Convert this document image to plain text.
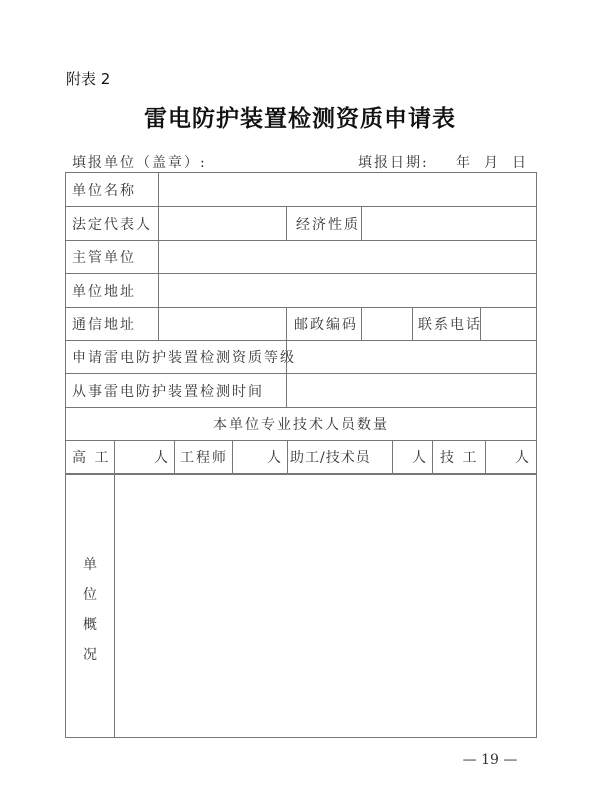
附表 2
雷电防护装置检测资质申请表
填报单位（盖章）:	填报日期: 年 月 日
单位名称
法定代表人	经济性质
主管单位
单位地址
通信地址	邮政编码	联系电话
申请雷电防护装置检测资质等级
从事雷电防护装置检测时间
本单位专业技术人员数量
高 工	人 工程师	人 助工/技术员	人 技 工	人
单
位
概
况
— 19 —
